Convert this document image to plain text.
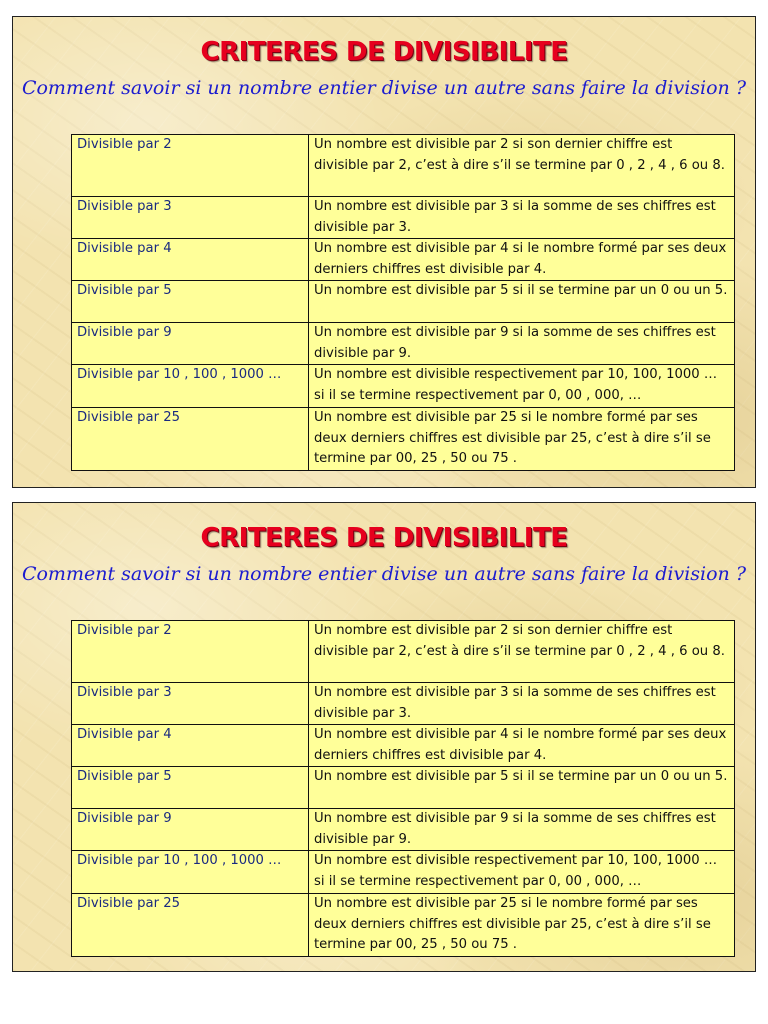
CRITERES DE DIVISIBILITE
Comment savoir si un nombre entier divise un autre sans faire la division ?
Divisible par 2	Un nombre est divisible par 2 si son dernier chiffre est divisible par 2, c’est à dire s’il se termine par 0 , 2 , 4 , 6 ou 8.
Divisible par 3	Un nombre est divisible par 3 si la somme de ses chiffres est divisible par 3.
Divisible par 4	Un nombre est divisible par 4 si le nombre formé par ses deux derniers chiffres est divisible par 4.
Divisible par 5	Un nombre est divisible par 5 si il se termine par un 0 ou un 5.
Divisible par 9	Un nombre est divisible par 9 si la somme de ses chiffres est divisible par 9.
Divisible par 10 , 100 , 1000 …	Un nombre est divisible respectivement par 10, 100, 1000 … si il se termine respectivement par 0, 00 , 000, …
Divisible par 25	Un nombre est divisible par 25 si le nombre formé par ses deux derniers chiffres est divisible par 25, c’est à dire s’il se termine par 00, 25 , 50 ou 75 .
CRITERES DE DIVISIBILITE
Comment savoir si un nombre entier divise un autre sans faire la division ?
Divisible par 2	Un nombre est divisible par 2 si son dernier chiffre est divisible par 2, c’est à dire s’il se termine par 0 , 2 , 4 , 6 ou 8.
Divisible par 3	Un nombre est divisible par 3 si la somme de ses chiffres est divisible par 3.
Divisible par 4	Un nombre est divisible par 4 si le nombre formé par ses deux derniers chiffres est divisible par 4.
Divisible par 5	Un nombre est divisible par 5 si il se termine par un 0 ou un 5.
Divisible par 9	Un nombre est divisible par 9 si la somme de ses chiffres est divisible par 9.
Divisible par 10 , 100 , 1000 …	Un nombre est divisible respectivement par 10, 100, 1000 … si il se termine respectivement par 0, 00 , 000, …
Divisible par 25	Un nombre est divisible par 25 si le nombre formé par ses deux derniers chiffres est divisible par 25, c’est à dire s’il se termine par 00, 25 , 50 ou 75 .
